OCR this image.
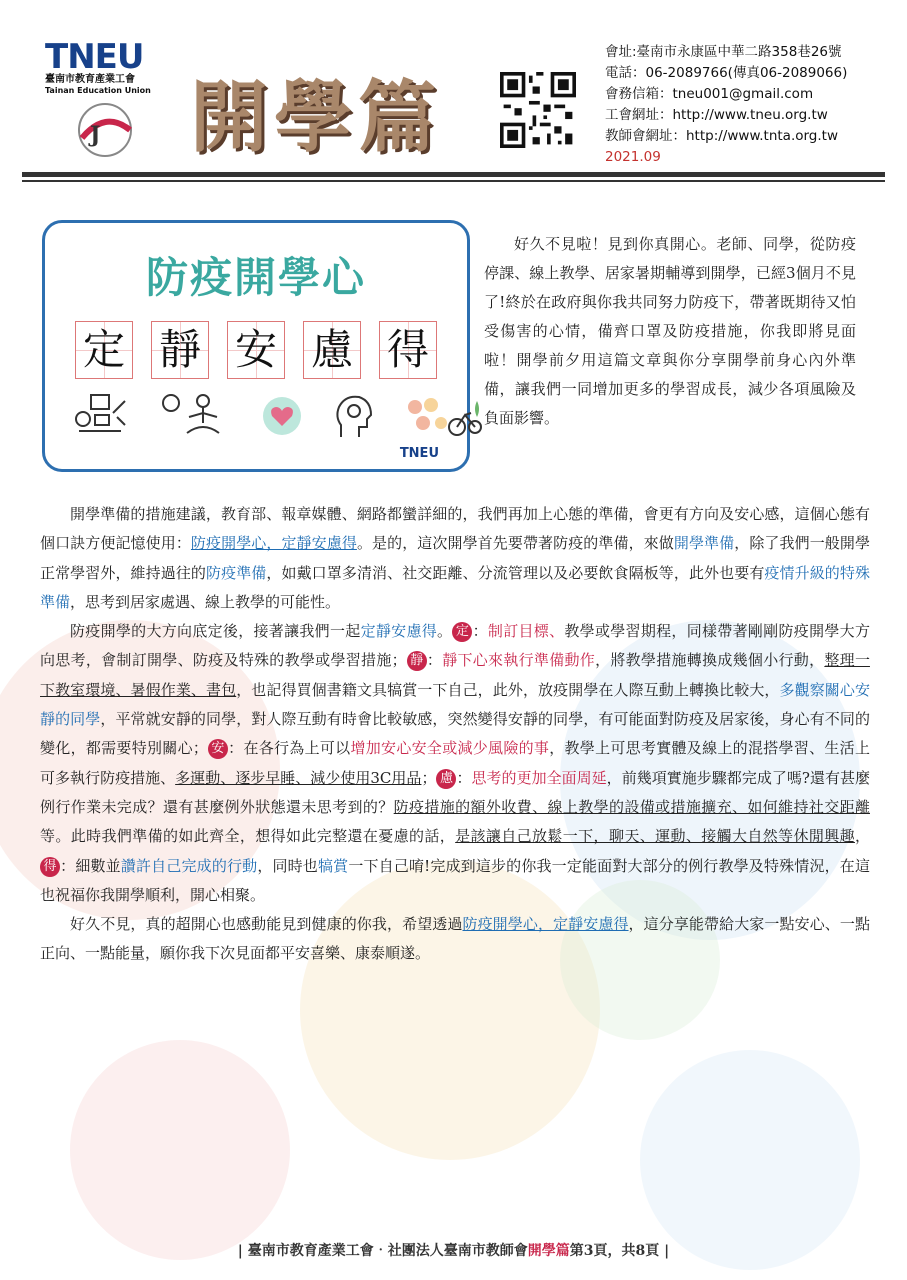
TNEU
臺南市教育產業工會
Tainan Education Union
J 開學篇
會址:臺南市永康區中華二路358巷26號
電話：06-2089766(傳真06-2089066)
會務信箱：tneu001@gmail.com
工會網址：http://www.tneu.org.tw
教師會網址：http://www.tnta.org.tw
2021.09
防疫開學心
定 靜 安 慮 得
TNEU

好久不見啦！見到你真開心。老師、同學，從防疫停課、線上教學、居家暑期輔導到開學，已經3個月不見了!終於在政府與你我共同努力防疫下，帶著既期待又怕受傷害的心情，備齊口罩及防疫措施，你我即將見面啦！開學前夕用這篇文章與你分享開學前身心內外準備，讓我們一同增加更多的學習成長，減少各項風險及負面影響。

開學準備的措施建議，教育部、報章媒體、網路都蠻詳細的，我們再加上心態的準備，會更有方向及安心感，這個心態有個口訣方便記憶使用：防疫開學心，定靜安慮得。是的，這次開學首先要帶著防疫的準備，來做開學準備，除了我們一般開學正常學習外，維持過往的防疫準備，如戴口罩多清消、社交距離、分流管理以及必要飲食隔板等，此外也要有疫情升級的特殊準備，思考到居家處遇、線上教學的可能性。

防疫開學的大方向底定後，接著讓我們一起定靜安慮得。 定 ：制訂目標、教學或學習期程，同樣帶著剛剛防疫開學大方向思考，會制訂開學、防疫及特殊的教學或學習措施； 靜 ：靜下心來執行準備動作，將教學措施轉換成幾個小行動，整理一下教室環境、暑假作業、書包，也記得買個書籍文具犒賞一下自己，此外，放疫開學在人際互動上轉換比較大，多觀察關心安靜的同學，平常就安靜的同學，對人際互動有時會比較敏感，突然變得安靜的同學，有可能面對防疫及居家後，身心有不同的變化，都需要特別關心； 安 ：在各行為上可以增加安心安全或減少風險的事，教學上可思考實體及線上的混搭學習、生活上可多執行防疫措施、多運動、逐步早睡、減少使用3C用品； 慮 ：思考的更加全面周延，前幾項實施步驟都完成了嗎?還有甚麼例行作業未完成？還有甚麼例外狀態還未思考到的？防疫措施的額外收費、線上教學的設備或措施擴充、如何維持社交距離等。此時我們準備的如此齊全，想得如此完整還在憂慮的話，是該讓自己放鬆一下，聊天、運動、接觸大自然等休閒興趣，得 ：細數並讚許自己完成的行動，同時也犒賞一下自己唷!完成到這步的你我一定能面對大部分的例行教學及特殊情況，在這也祝福你我開學順利，開心相聚。

好久不見，真的超開心也感動能見到健康的你我，希望透過防疫開學心，定靜安慮得，這分享能帶給大家一點安心、一點正向、一點能量，願你我下次見面都平安喜樂、康泰順遂。

| 臺南市教育產業工會‧社團法人臺南市教師會開學篇第3頁，共8頁 |
